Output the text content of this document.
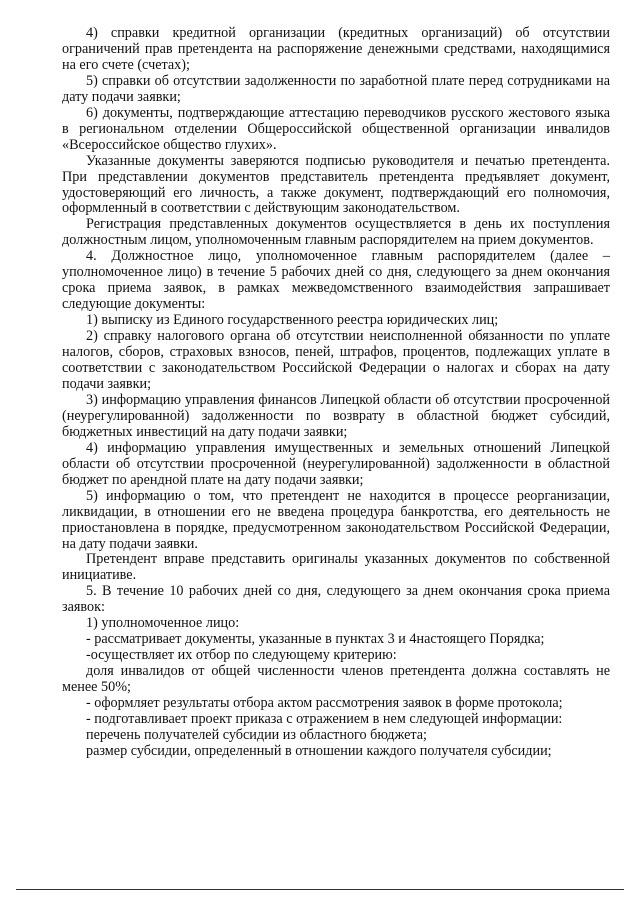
4) справки кредитной организации (кредитных организаций) об отсутствии ограничений прав претендента на распоряжение денежными средствами, находящимися на его счете (счетах);

5) справки об отсутствии задолженности по заработной плате перед сотрудниками на дату подачи заявки;

6) документы, подтверждающие аттестацию переводчиков русского жестового языка в региональном отделении Общероссийской общественной организации инвалидов «Всероссийское общество глухих».

Указанные документы заверяются подписью руководителя и печатью претендента. При представлении документов представитель претендента предъявляет документ, удостоверяющий его личность, а также документ, подтверждающий его полномочия, оформленный в соответствии с действующим законодательством.

Регистрация представленных документов осуществляется в день их поступления должностным лицом, уполномоченным главным распорядителем на прием документов.

4. Должностное лицо, уполномоченное главным распорядителем (далее – уполномоченное лицо) в течение 5 рабочих дней со дня, следующего за днем окончания срока приема заявок, в рамках межведомственного взаимодействия запрашивает следующие документы:

1) выписку из Единого государственного реестра юридических лиц;

2) справку налогового органа об отсутствии неисполненной обязанности по уплате налогов, сборов, страховых взносов, пеней, штрафов, процентов, подлежащих уплате в соответствии с законодательством Российской Федерации о налогах и сборах на дату подачи заявки;

3) информацию управления финансов Липецкой области об отсутствии просроченной (неурегулированной) задолженности по возврату в областной бюджет субсидий, бюджетных инвестиций на дату подачи заявки;

4) информацию управления имущественных и земельных отношений Липецкой области об отсутствии просроченной (неурегулированной) задолженности в областной бюджет по арендной плате на дату подачи заявки;

5) информацию о том, что претендент не находится в процессе реорганизации, ликвидации, в отношении его не введена процедура банкротства, его деятельность не приостановлена в порядке, предусмотренном законодательством Российской Федерации, на дату подачи заявки.

Претендент вправе представить оригиналы указанных документов по собственной инициативе.

5. В течение 10 рабочих дней со дня, следующего за днем окончания срока приема заявок:

1) уполномоченное лицо:

- рассматривает документы, указанные в пунктах 3 и 4настоящего Порядка;

-осуществляет их отбор по следующему критерию:

доля инвалидов от общей численности членов претендента должна составлять не менее 50%;

- оформляет результаты отбора актом рассмотрения заявок в форме протокола;

- подготавливает проект приказа с отражением в нем следующей информации:

перечень получателей субсидии из областного бюджета;

размер субсидии, определенный в отношении каждого получателя субсидии;
